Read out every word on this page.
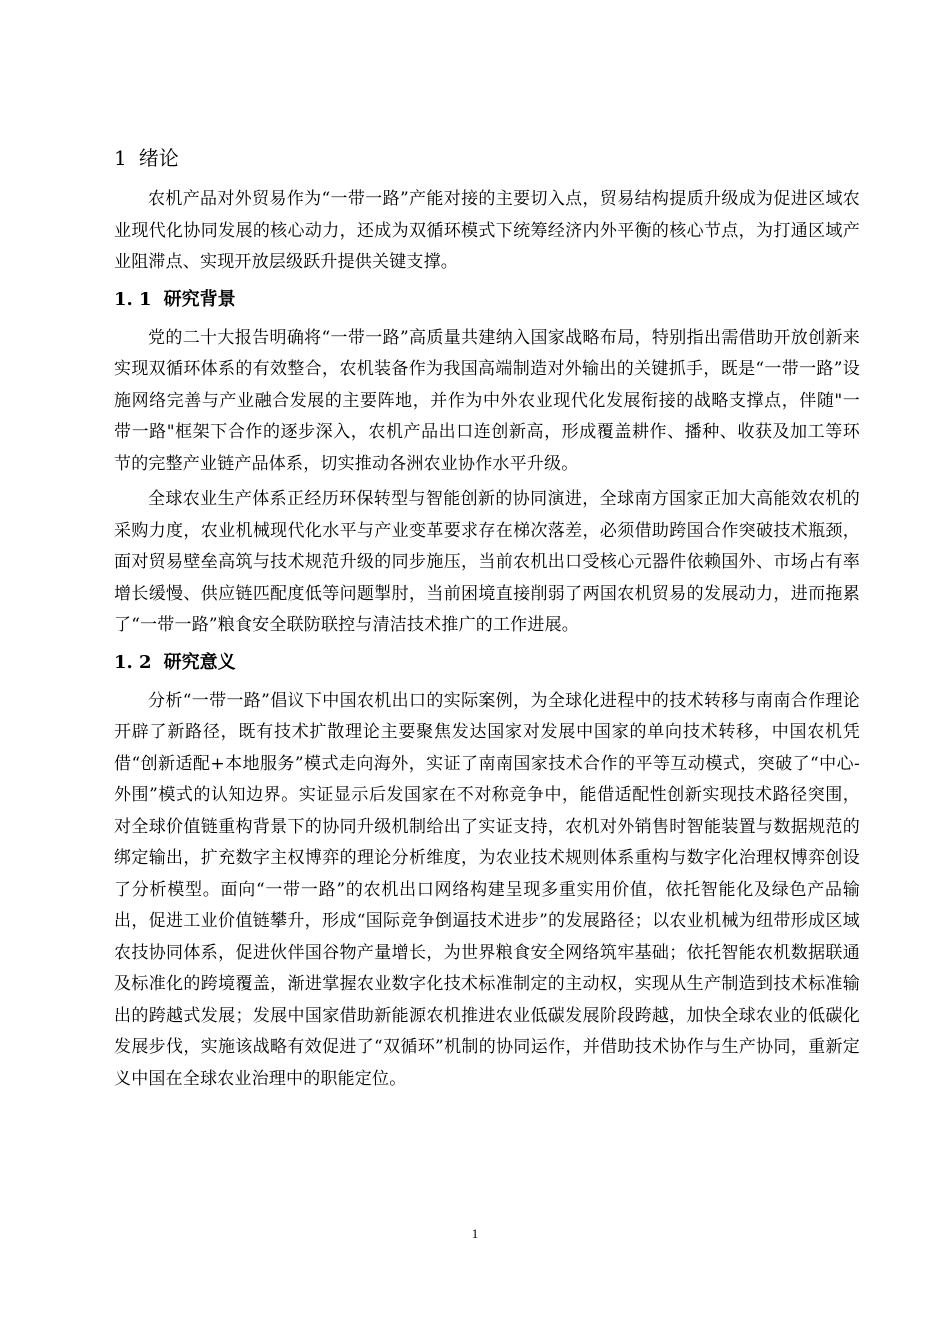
1 绪论

农机产品对外贸易作为“一带一路”产能对接的主要切入点，贸易结构提质升级成为促进区域农业现代化协同发展的核心动力，还成为双循环模式下统筹经济内外平衡的核心节点，为打通区域产业阻滞点、实现开放层级跃升提供关键支撑。

1. 1 研究背景

党的二十大报告明确将“一带一路”高质量共建纳入国家战略布局，特别指出需借助开放创新来实现双循环体系的有效整合，农机装备作为我国高端制造对外输出的关键抓手，既是“一带一路”设施网络完善与产业融合发展的主要阵地，并作为中外农业现代化发展衔接的战略支撑点，伴随"一带一路"框架下合作的逐步深入，农机产品出口连创新高，形成覆盖耕作、播种、收获及加工等环节的完整产业链产品体系，切实推动各洲农业协作水平升级。

全球农业生产体系正经历环保转型与智能创新的协同演进，全球南方国家正加大高能效农机的采购力度，农业机械现代化水平与产业变革要求存在梯次落差，必须借助跨国合作突破技术瓶颈，面对贸易壁垒高筑与技术规范升级的同步施压，当前农机出口受核心元器件依赖国外、市场占有率增长缓慢、供应链匹配度低等问题掣肘，当前困境直接削弱了两国农机贸易的发展动力，进而拖累了“一带一路”粮食安全联防联控与清洁技术推广的工作进展。

1. 2 研究意义

分析“一带一路”倡议下中国农机出口的实际案例，为全球化进程中的技术转移与南南合作理论开辟了新路径，既有技术扩散理论主要聚焦发达国家对发展中国家的单向技术转移，中国农机凭借“创新适配+本地服务”模式走向海外，实证了南南国家技术合作的平等互动模式，突破了“中心-外围”模式的认知边界。实证显示后发国家在不对称竞争中，能借适配性创新实现技术路径突围，对全球价值链重构背景下的协同升级机制给出了实证支持，农机对外销售时智能装置与数据规范的绑定输出，扩充数字主权博弈的理论分析维度，为农业技术规则体系重构与数字化治理权博弈创设了分析模型。面向“一带一路”的农机出口网络构建呈现多重实用价值，依托智能化及绿色产品输出，促进工业价值链攀升，形成“国际竞争倒逼技术进步”的发展路径；以农业机械为纽带形成区域农技协同体系，促进伙伴国谷物产量增长，为世界粮食安全网络筑牢基础；依托智能农机数据联通及标准化的跨境覆盖，渐进掌握农业数字化技术标准制定的主动权，实现从生产制造到技术标准输出的跨越式发展；发展中国家借助新能源农机推进农业低碳发展阶段跨越，加快全球农业的低碳化发展步伐，实施该战略有效促进了“双循环”机制的协同运作，并借助技术协作与生产协同，重新定义中国在全球农业治理中的职能定位。

1
